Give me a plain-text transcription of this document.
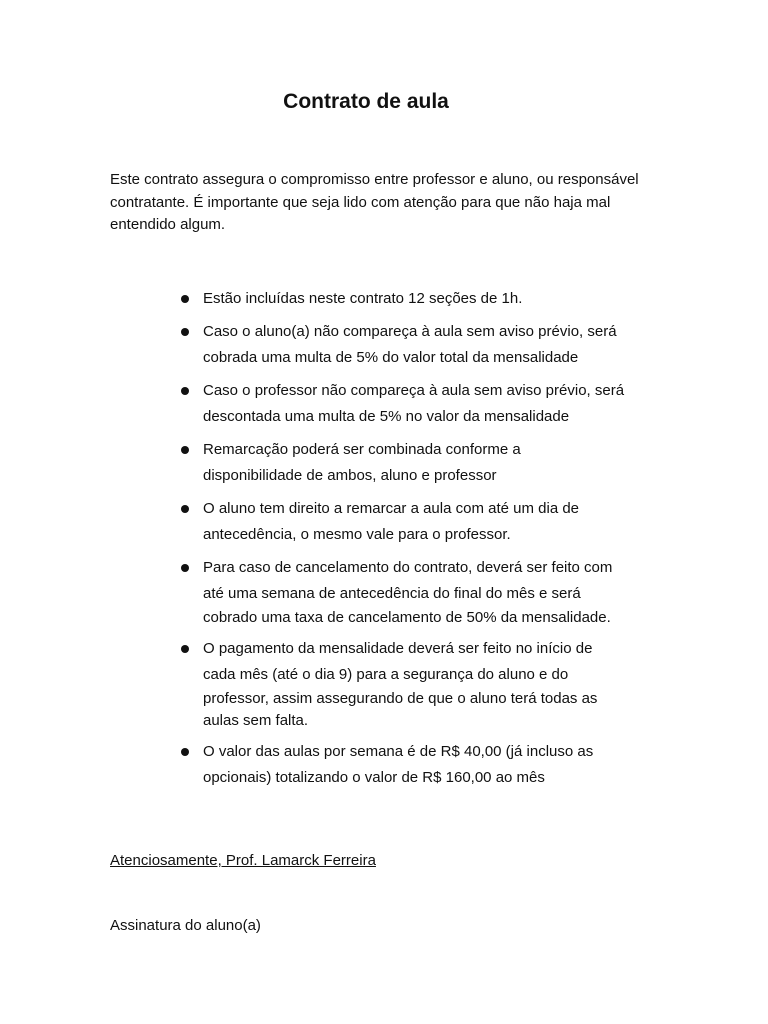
Contrato de aula

Este contrato assegura o compromisso entre professor e aluno, ou responsável contratante. É importante que seja lido com atenção para que não haja mal entendido algum.

Estão incluídas neste contrato 12 seções de 1h.
Caso o aluno(a) não compareça à aula sem aviso prévio, será
cobrada uma multa de 5% do valor total da mensalidade
Caso o professor não compareça à aula sem aviso prévio, será
descontada uma multa de 5% no valor da mensalidade
Remarcação poderá ser combinada conforme a
disponibilidade de ambos, aluno e professor
O aluno tem direito a remarcar a aula com até um dia de
antecedência, o mesmo vale para o professor.
Para caso de cancelamento do contrato, deverá ser feito com
até uma semana de antecedência do final do mês e será
cobrado uma taxa de cancelamento de 50% da mensalidade.
O pagamento da mensalidade deverá ser feito no início de
cada mês (até o dia 9) para a segurança do aluno e do
professor, assim assegurando de que o aluno terá todas as
aulas sem falta.
O valor das aulas por semana é de R$ 40,00 (já incluso as
opcionais) totalizando o valor de R$ 160,00 ao mês

Atenciosamente, Prof. Lamarck Ferreira

Assinatura do aluno(a)
